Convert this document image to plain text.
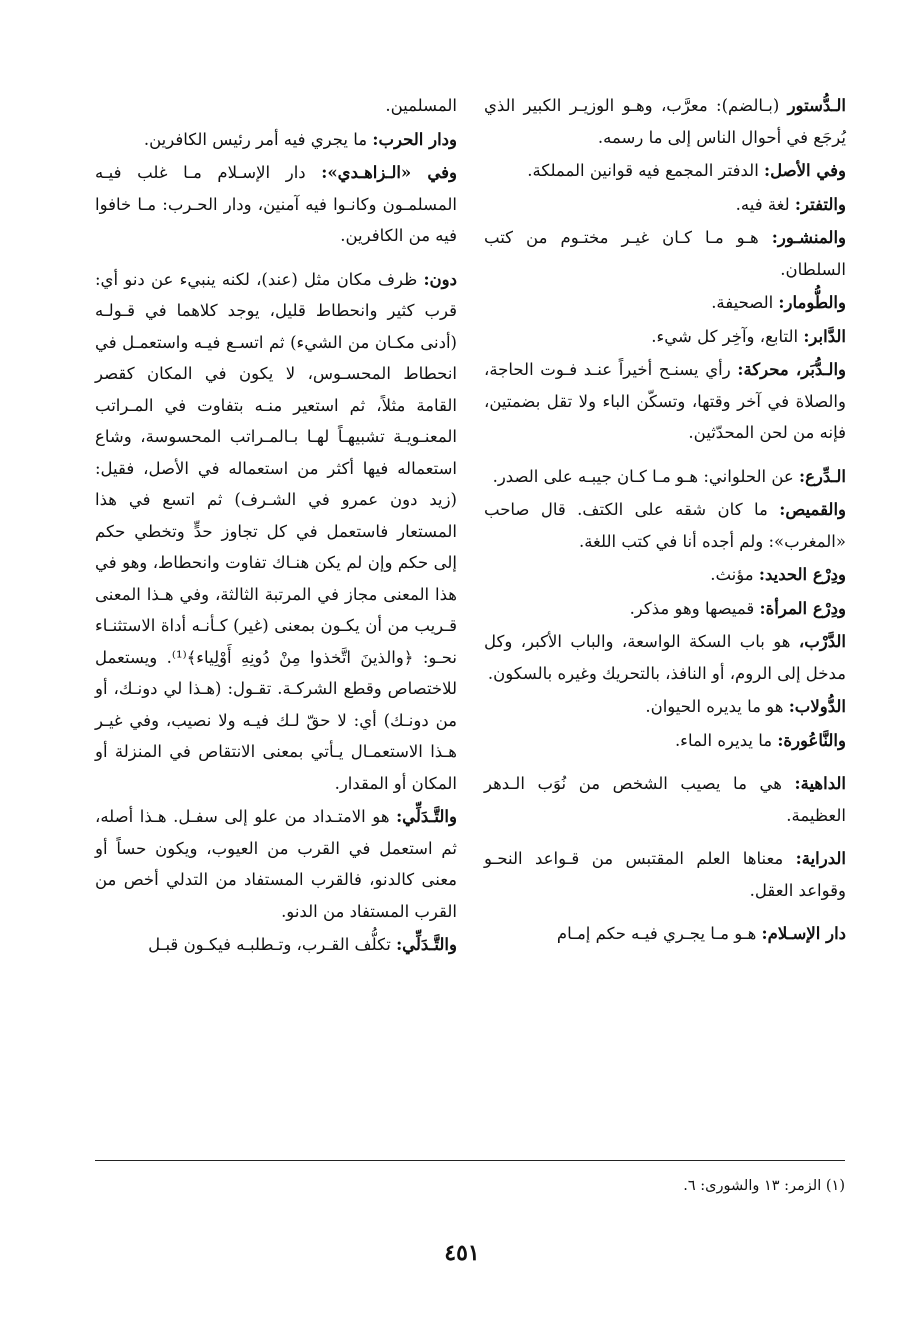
الـدُّستور (بـالضم): معرَّب، وهـو الوزيـر الكبير الذي يُرجَع في أحوال الناس إلى ما رسمه.

وفي الأصل: الدفتر المجمع فيه قوانين المملكة.

والتفتر: لغة فيه.

والمنشـور: هـو مـا كـان غيـر مختـوم من كتب السلطان.

والطُّومار: الصحيفة.

الدَّابر: التابع، وآخِر كل شيء.

والـدُّبَر، محركة: رأي يسنـح أخيراً عنـد فـوت الحاجة، والصلاة في آخر وقتها، وتسكّن الباء ولا تقل بضمتين، فإنه من لحن المحدّثين.

الـدِّرع: عن الحلواني: هـو مـا كـان جيبـه على الصدر.

والقميص: ما كان شقه على الكتف. قال صاحب «المغرب»: ولم أجده أنا في كتب اللغة.

ودِرْع الحديد: مؤنث.

ودِرْع المرأة: قميصها وهو مذكر.

الدَّرْب، هو باب السكة الواسعة، والباب الأكبر، وكل مدخل إلى الروم، أو النافذ، بالتحريك وغيره بالسكون.

الدُّولاب: هو ما يديره الحيوان.

والنَّاعُورة: ما يديره الماء.

الداهية: هي ما يصيب الشخص من نُوَب الـدهر العظيمة.

الدراية: معناها العلم المقتبس من قـواعد النحـو وقواعد العقل.

دار الإسـلام: هـو مـا يجـري فيـه حكم إمـام

المسلمين.

ودار الحرب: ما يجري فيه أمر رئيس الكافرين.

وفي «الـزاهـدي»: دار الإسـلام مـا غلب فيـه المسلمـون وكانـوا فيه آمنين، ودار الحـرب: مـا خافوا فيه من الكافرين.

دون: ظرف مكان مثل (عند)، لكنه ينبيء عن دنو أي: قرب كثير وانحطاط قليل، يوجد كلاهما في قـولـه (أدنى مكـان من الشيء) ثم اتسـع فيـه واستعمـل في انحطاط المحسـوس، لا يكون في المكان كقصر القامة مثلاً، ثم استعير منـه بتفاوت في المـراتب المعنـويـة تشبيهـاً لهـا بـالمـراتب المحسوسة، وشاع استعماله فيها أكثر من استعماله في الأصل، فقيل: (زيد دون عمرو في الشـرف) ثم اتسع في هذا المستعار فاستعمل في كل تجاوز حدٍّ وتخطي حكم إلى حكم وإن لم يكن هنـاك تفاوت وانحطاط، وهو في هذا المعنى مجاز في المرتبة الثالثة، وفي هـذا المعنى قـريب من أن يكـون بمعنى (غير) كـأنـه أداة الاستثنـاء نحـو: ﴿والذينَ اتَّخذوا مِنْ دُونِهِ أَوْلِياء﴾⁽¹⁾. ويستعمل للاختصاص وقطع الشركـة. تقـول: (هـذا لي دونـك، أو من دونـك) أي: لا حقّ لـك فيـه ولا نصيب، وفي غيـر هـذا الاستعمـال يـأتي بمعنى الانتقاص في المنزلة أو المكان أو المقدار.

والتَّـدَلِّي: هو الامتـداد من علو إلى سفـل. هـذا أصله، ثم استعمل في القرب من العيوب، ويكون حساً أو معنى كالدنو، فالقرب المستفاد من التدلي أخص من القرب المستفاد من الدنو.

والتَّـدَلِّي: تكلُّف القـرب، وتـطلبـه فيكـون قبـل

(١) الزمر: ١٣ والشورى: ٦.
٤٥١
